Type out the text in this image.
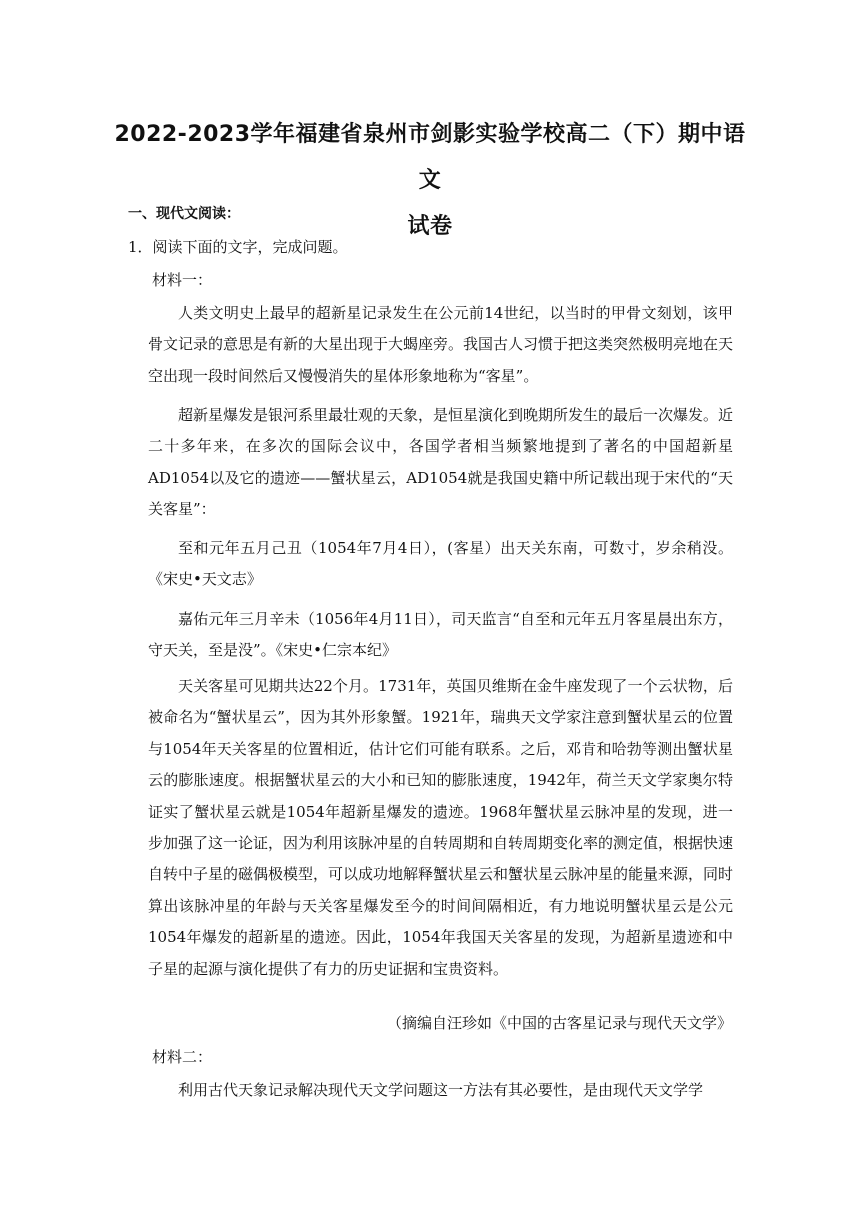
2022-2023学年福建省泉州市剑影实验学校高二（下）期中语文
试卷
一、现代文阅读：
1．阅读下面的文字，完成问题。
材料一：
人类文明史上最早的超新星记录发生在公元前14世纪，以当时的甲骨文刻划，该甲骨文记录的意思是有新的大星出现于大蝎座旁。我国古人习惯于把这类突然极明亮地在天空出现一段时间然后又慢慢消失的星体形象地称为“客星”。
超新星爆发是银河系里最壮观的天象，是恒星演化到晚期所发生的最后一次爆发。近二十多年来，在多次的国际会议中，各国学者相当频繁地提到了著名的中国超新星AD1054以及它的遗迹——蟹状星云，AD1054就是我国史籍中所记载出现于宋代的“天关客星”：
至和元年五月己丑（1054年7月4日），(客星）出天关东南，可数寸，岁余稍没。《宋史•天文志》
嘉佑元年三月辛未（1056年4月11日），司天监言“自至和元年五月客星晨出东方，守天关，至是没”。《宋史•仁宗本纪》
天关客星可见期共达22个月。1731年，英国贝维斯在金牛座发现了一个云状物，后被命名为“蟹状星云”，因为其外形象蟹。1921年，瑞典天文学家注意到蟹状星云的位置与1054年天关客星的位置相近，估计它们可能有联系。之后，邓肯和哈勃等测出蟹状星云的膨胀速度。根据蟹状星云的大小和已知的膨胀速度，1942年，荷兰天文学家奥尔特证实了蟹状星云就是1054年超新星爆发的遗迹。1968年蟹状星云脉冲星的发现，进一步加强了这一论证，因为利用该脉冲星的自转周期和自转周期变化率的测定值，根据快速自转中子星的磁偶极模型，可以成功地解释蟹状星云和蟹状星云脉冲星的能量来源，同时算出该脉冲星的年龄与天关客星爆发至今的时间间隔相近，有力地说明蟹状星云是公元1054年爆发的超新星的遗迹。因此，1054年我国天关客星的发现，为超新星遗迹和中子星的起源与演化提供了有力的历史证据和宝贵资料。
（摘编自汪珍如《中国的古客星记录与现代天文学》
材料二：
利用古代天象记录解决现代天文学问题这一方法有其必要性，是由现代天文学学
